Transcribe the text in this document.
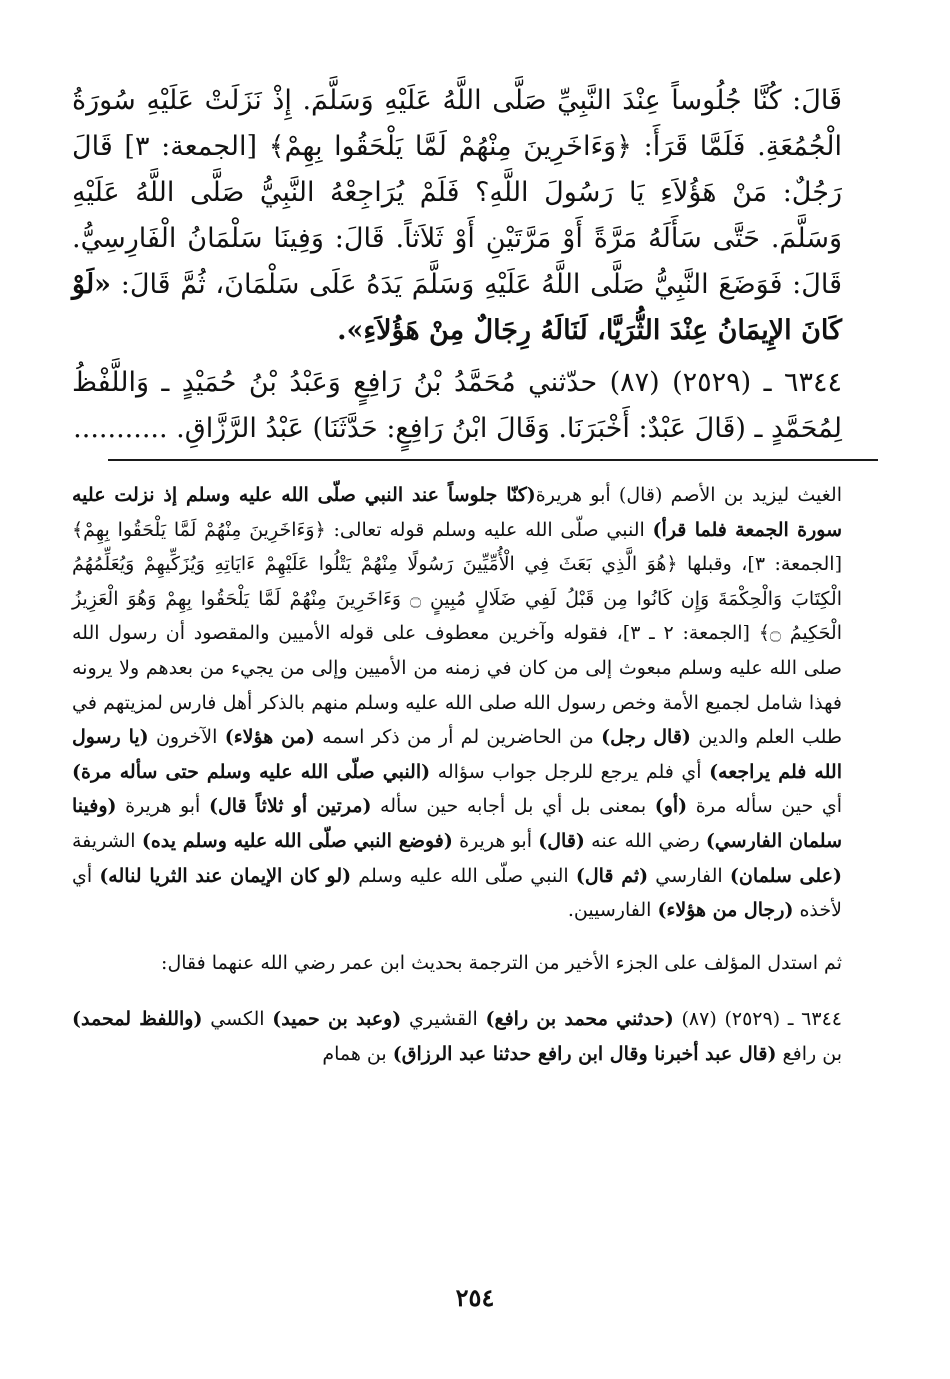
قَالَ: كُنَّا جُلُوساً عِنْدَ النَّبِيِّ صَلَّى اللَّهُ عَلَيْهِ وَسَلَّمَ. إِذْ نَزَلَتْ عَلَيْهِ سُورَةُ الْجُمُعَةِ. فَلَمَّا قَرَأَ: ﴿وَءَاخَرِينَ مِنْهُمْ لَمَّا يَلْحَقُوا بِهِمْ﴾ [الجمعة: ٣] قَالَ رَجُلٌ: مَنْ هَؤُلاَءِ يَا رَسُولَ اللَّهِ؟ فَلَمْ يُرَاجِعْهُ النَّبِيُّ صَلَّى اللَّهُ عَلَيْهِ وَسَلَّمَ. حَتَّى سَأَلَهُ مَرَّةً أَوْ مَرَّتَيْنِ أَوْ ثَلاَثاً. قَالَ: وَفِينَا سَلْمَانُ الْفَارِسِيُّ. قَالَ: فَوَضَعَ النَّبِيُّ صَلَّى اللَّهُ عَلَيْهِ وَسَلَّمَ يَدَهُ عَلَى سَلْمَانَ، ثُمَّ قَالَ: «لَوْ كَانَ الإِيمَانُ عِنْدَ الثُّرَيَّا، لَنَالَهُ رِجَالٌ مِنْ هَؤُلاَءِ».

٦٣٤٤ ـ (٢٥٢٩) (٨٧) حدّثني مُحَمَّدُ بْنُ رَافِعٍ وَعَبْدُ بْنُ حُمَيْدٍ ـ وَاللَّفْظُ لِمُحَمَّدٍ ـ (قَالَ عَبْدٌ: أَخْبَرَنَا. وَقَالَ ابْنُ رَافِعٍ: حَدَّثَنَا) عَبْدُ الرَّزَّاقِ. ...........

الغيث ليزيد بن الأصم (قال) أبو هريرة(كنّا جلوساً عند النبي صلّى الله عليه وسلم إذ نزلت عليه سورة الجمعة فلما قرأ) النبي صلّى الله عليه وسلم قوله تعالى: ﴿وَءَاخَرِينَ مِنْهُمْ لَمَّا يَلْحَقُوا بِهِمْ﴾ [الجمعة: ٣]، وقبلها ﴿هُوَ الَّذِي بَعَثَ فِي الْأُمِّيِّينَ رَسُولًا مِنْهُمْ يَتْلُوا عَلَيْهِمْ ءَايَاتِهِ وَيُزَكِّيهِمْ وَيُعَلِّمُهُمُ الْكِتَابَ وَالْحِكْمَةَ وَإِن كَانُوا مِن قَبْلُ لَفِي ضَلَالٍ مُبِينٍ ۝ وَءَاخَرِينَ مِنْهُمْ لَمَّا يَلْحَقُوا بِهِمْ وَهُوَ الْعَزِيزُ الْحَكِيمُ ۝﴾ [الجمعة: ٢ ـ ٣]، فقوله وآخرين معطوف على قوله الأميين والمقصود أن رسول الله صلى الله عليه وسلم مبعوث إلى من كان في زمنه من الأميين وإلى من يجيء من بعدهم ولا يرونه فهذا شامل لجميع الأمة وخص رسول الله صلى الله عليه وسلم منهم بالذكر أهل فارس لمزيتهم في طلب العلم والدين (قال رجل) من الحاضرين لم أر من ذكر اسمه (من هؤلاء) الآخرون (يا رسول الله فلم يراجعه) أي فلم يرجع للرجل جواب سؤاله (النبي صلّى الله عليه وسلم حتى سأله مرة) أي حين سأله مرة (أو) بمعنى بل أي بل أجابه حين سأله (مرتين أو ثلاثاً قال) أبو هريرة (وفينا سلمان الفارسي) رضي الله عنه (قال) أبو هريرة (فوضع النبي صلّى الله عليه وسلم يده) الشريفة (على سلمان) الفارسي (ثم قال) النبي صلّى الله عليه وسلم (لو كان الإيمان عند الثريا لناله) أي لأخذه (رجال من هؤلاء) الفارسيين.

ثم استدل المؤلف على الجزء الأخير من الترجمة بحديث ابن عمر رضي الله عنهما فقال:

٦٣٤٤ ـ (٢٥٢٩) (٨٧) (حدثني محمد بن رافع) القشيري (وعبد بن حميد) الكسي (واللفظ لمحمد) بن رافع (قال عبد أخبرنا وقال ابن رافع حدثنا عبد الرزاق) بن همام

٢٥٤
